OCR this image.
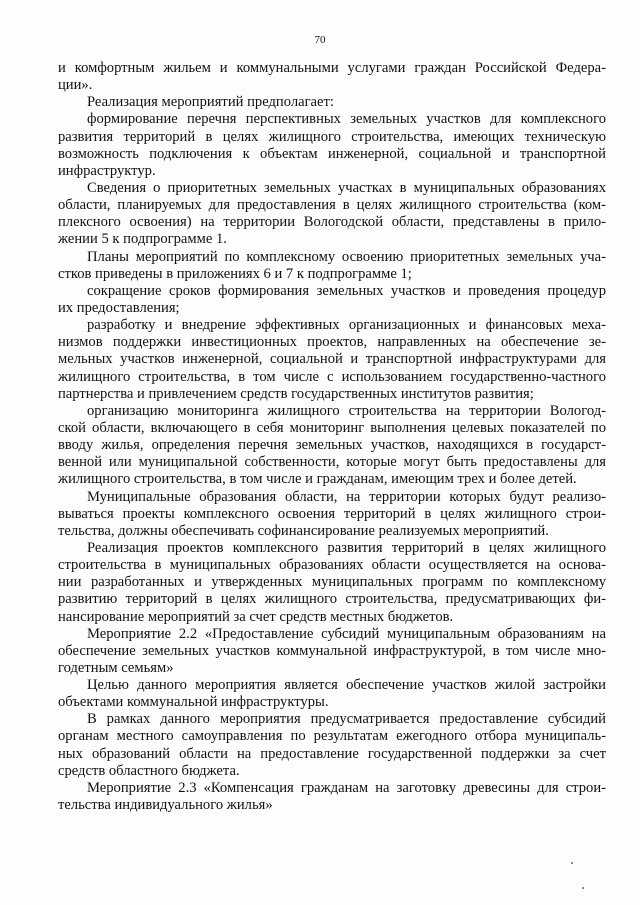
70
и комфортным жильем и коммунальными услугами граждан Российской Федера-
ции».
Реализация мероприятий предполагает:
формирование перечня перспективных земельных участков для комплексного
развития территорий в целях жилищного строительства, имеющих техническую
возможность подключения к объектам инженерной, социальной и транспортной
инфраструктур.
Сведения о приоритетных земельных участках в муниципальных образованиях
области, планируемых для предоставления в целях жилищного строительства (ком-
плексного освоения) на территории Вологодской области, представлены в прило-
жении 5 к подпрограмме 1.
Планы мероприятий по комплексному освоению приоритетных земельных уча-
стков приведены в приложениях 6 и 7 к подпрограмме 1;
сокращение сроков формирования земельных участков и проведения процедур
их предоставления;
разработку и внедрение эффективных организационных и финансовых меха-
низмов поддержки инвестиционных проектов, направленных на обеспечение зе-
мельных участков инженерной, социальной и транспортной инфраструктурами для
жилищного строительства, в том числе с использованием государственно-частного
партнерства и привлечением средств государственных институтов развития;
организацию мониторинга жилищного строительства на территории Вологод-
ской области, включающего в себя мониторинг выполнения целевых показателей по
вводу жилья, определения перечня земельных участков, находящихся в государст-
венной или муниципальной собственности, которые могут быть предоставлены для
жилищного строительства, в том числе и гражданам, имеющим трех и более детей.
Муниципальные образования области, на территории которых будут реализо-
вываться проекты комплексного освоения территорий в целях жилищного строи-
тельства, должны обеспечивать софинансирование реализуемых мероприятий.
Реализация проектов комплексного развития территорий в целях жилищного
строительства в муниципальных образованиях области осуществляется на основа-
нии разработанных и утвержденных муниципальных программ по комплексному
развитию территорий в целях жилищного строительства, предусматривающих фи-
нансирование мероприятий за счет средств местных бюджетов.
Мероприятие 2.2 «Предоставление субсидий муниципальным образованиям на
обеспечение земельных участков коммунальной инфраструктурой, в том числе мно-
годетным семьям»
Целью данного мероприятия является обеспечение участков жилой застройки
объектами коммунальной инфраструктуры.
В рамках данного мероприятия предусматривается предоставление субсидий
органам местного самоуправления по результатам ежегодного отбора муниципаль-
ных образований области на предоставление государственной поддержки за счет
средств областного бюджета.
Мероприятие 2.3 «Компенсация гражданам на заготовку древесины для строи-
тельства индивидуального жилья»
